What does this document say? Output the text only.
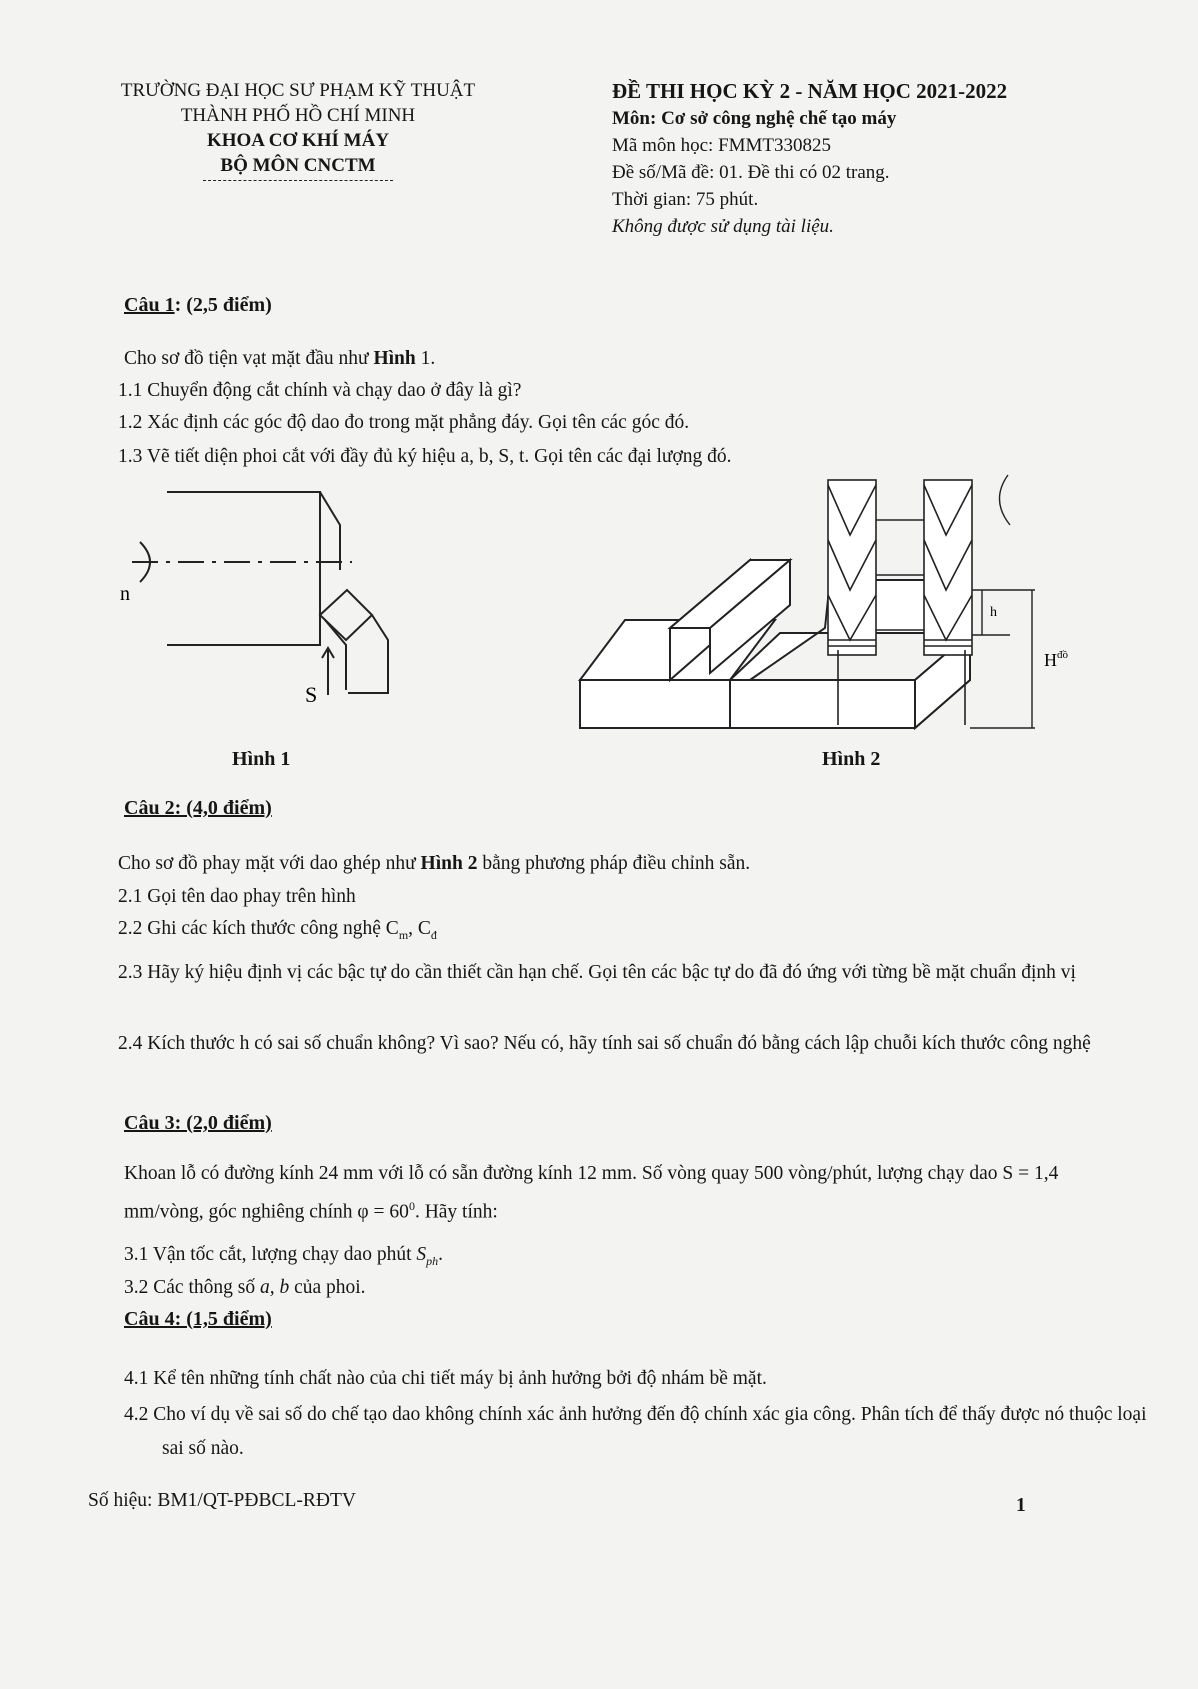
TRƯỜNG ĐẠI HỌC SƯ PHẠM KỸ THUẬT
THÀNH PHỐ HỒ CHÍ MINH
KHOA CƠ KHÍ MÁY
BỘ MÔN CNCTM
ĐỀ THI HỌC KỲ 2 - NĂM HỌC 2021-2022
Môn: Cơ sở công nghệ chế tạo máy
Mã môn học: FMMT330825
Đề số/Mã đề: 01. Đề thi có 02 trang.
Thời gian: 75 phút.
Không được sử dụng tài liệu.
Câu 1: (2,5 điểm)
Cho sơ đồ tiện vạt mặt đầu như Hình 1.
1.1 Chuyển động cắt chính và chạy dao ở đây là gì?
1.2 Xác định các góc độ dao đo trong mặt phẳng đáy. Gọi tên các góc đó.
1.3 Vẽ tiết diện phoi cắt với đầy đủ ký hiệu a, b, S, t. Gọi tên các đại lượng đó.
n
S
h
$H^{đồ}$
Hình 1	Hình 2
Câu 2: (4,0 điểm)
Cho sơ đồ phay mặt với dao ghép như Hình 2 bằng phương pháp điều chỉnh sẵn.
2.1 Gọi tên dao phay trên hình
2.2 Ghi các kích thước công nghệ $C_m$, $C_đ$
2.3 Hãy ký hiệu định vị các bậc tự do cần thiết cần hạn chế. Gọi tên các bậc tự do đã đó ứng với từng bề mặt chuẩn định vị
2.4 Kích thước h có sai số chuẩn không? Vì sao? Nếu có, hãy tính sai số chuẩn đó bằng cách lập chuỗi kích thước công nghệ
Câu 3: (2,0 điểm)
Khoan lỗ có đường kính 24 mm với lỗ có sẵn đường kính 12 mm. Số vòng quay 500 vòng/phút, lượng chạy dao S = 1,4 mm/vòng, góc nghiêng chính $\varphi = 60^0$. Hãy tính:
3.1 Vận tốc cắt, lượng chạy dao phút $S_{ph}$.
3.2 Các thông số a, b của phoi.
Câu 4: (1,5 điểm)
4.1 Kể tên những tính chất nào của chi tiết máy bị ảnh hưởng bởi độ nhám bề mặt.
4.2 Cho ví dụ về sai số do chế tạo dao không chính xác ảnh hưởng đến độ chính xác gia công. Phân tích để thấy được nó thuộc loại sai số nào.
Số hiệu: BM1/QT-PĐBCL-RĐTV	1
